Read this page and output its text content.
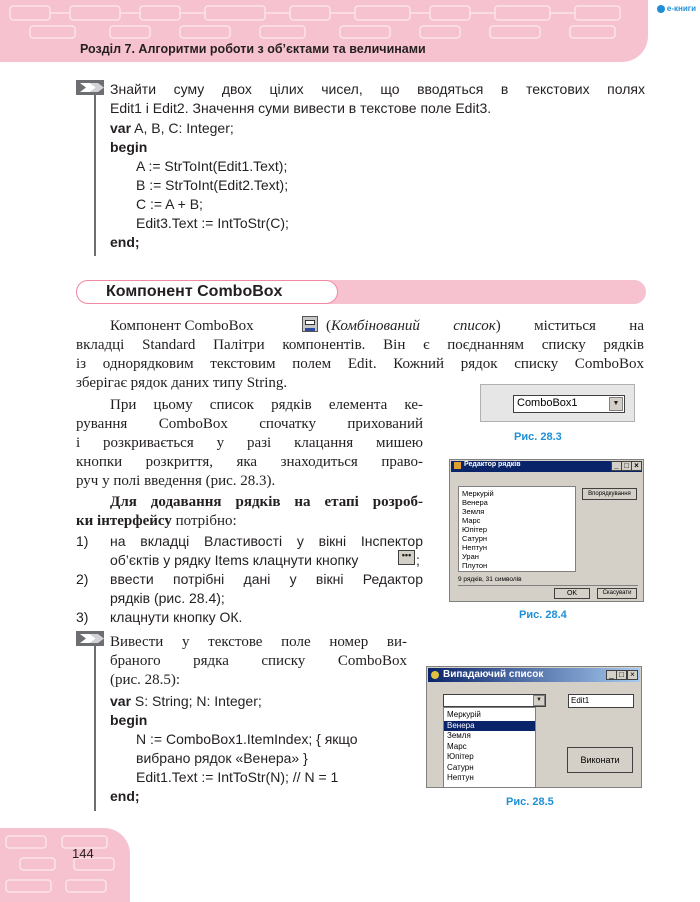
Розділ 7. Алгоритми роботи з об’єктами та величинами
e-книги
Знайти суму двох цілих чисел, що вводяться в текстових полях
Edit1 і Edit2. Значення суми вивести в текстове поле Edit3.
var A, B, C: Integer;
begin
A := StrToInt(Edit1.Text);
B := StrToInt(Edit2.Text);
C := A + B;
Edit3.Text := IntToStr(C);
end;
Компонент ComboBox
Компонент ComboBox	(Комбінований список) міститься на
вкладці Standard Палітри компонентів. Він є поєднанням списку рядків
із однорядковим текстовим полем Edit. Кожний рядок списку ComboBox
зберігає рядок даних типу String.
При цьому список рядків елемента ке-
рування ComboBox спочатку прихований
і розкривається у разі клацання мишею
кнопки розкриття, яка знаходиться право-
руч у полі введення (рис. 28.3).
Для додавання рядків на етапі розроб-
ки інтерфейсу потрібно:
1) на вкладці Властивості у вікні Інспектор
об’єктів у рядку Items клацнути кнопку	••• ;
2) ввести потрібні дані у вікні Редактор
рядків (рис. 28.4);
3) клацнути кнопку ОК.
Вивести у текстове поле номер ви-
браного рядка списку ComboBox
(рис. 28.5):
var S: String; N: Integer;
begin
N := ComboBox1.ItemIndex; { якщо
вибрано рядок «Венера» }
Edit1.Text := IntToStr(N); // N = 1
end;
ComboBox1	▼
Рис. 28.3
Редактор рядків	_ □ ×
Меркурій
Венера
Земля
Марс
Юпітер
Сатурн
Нептун
Уран
Плутон
Впорядкування
9 рядків, 31 символів
OK	Скасувати
Рис. 28.4
Випадаючий список	_ □ ×
▼
Меркурій
Венера
Земля
Марс
Юпітер
Сатурн
Нептун
Edit1
Виконати
Рис. 28.5
144
